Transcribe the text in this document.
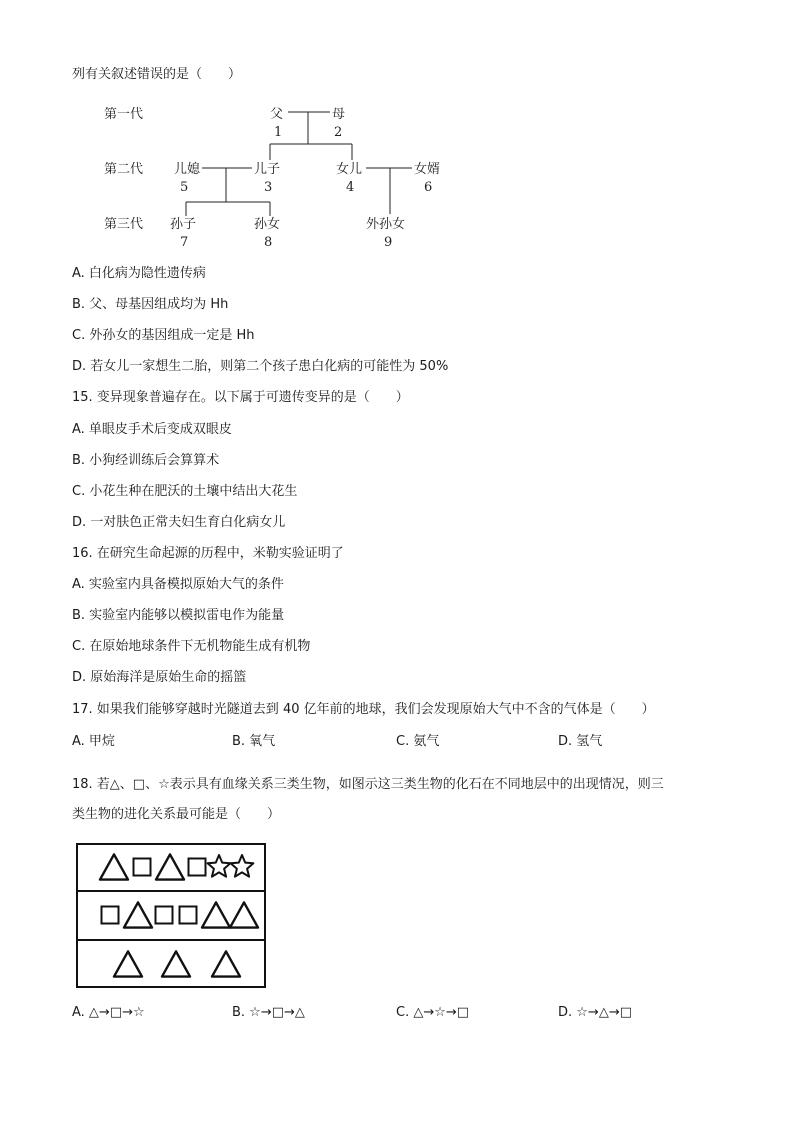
列有关叙述错误的是（　　）
第一代
第二代
第三代
父
1
母
2
儿媳
5
儿子
3
女儿
4
女婿
6
孙子
7
孙女
8
外孙女
9
A. 白化病为隐性遗传病
B. 父、母基因组成均为 Hh
C. 外孙女的基因组成一定是 Hh
D. 若女儿一家想生二胎，则第二个孩子患白化病的可能性为 50%
15. 变异现象普遍存在。以下属于可遗传变异的是（　　）
A. 单眼皮手术后变成双眼皮
B. 小狗经训练后会算算术
C. 小花生种在肥沃的土壤中结出大花生
D. 一对肤色正常夫妇生育白化病女儿
16. 在研究生命起源的历程中，米勒实验证明了
A. 实验室内具备模拟原始大气的条件
B. 实验室内能够以模拟雷电作为能量
C. 在原始地球条件下无机物能生成有机物
D. 原始海洋是原始生命的摇篮
17. 如果我们能够穿越时光隧道去到 40 亿年前的地球，我们会发现原始大气中不含的气体是（　　）
A. 甲烷	B. 氧气	C. 氨气	D. 氢气
18. 若△、□、☆表示具有血缘关系三类生物，如图示这三类生物的化石在不同地层中的出现情况，则三
类生物的进化关系最可能是（　　）
A. △→□→☆	B. ☆→□→△	C. △→☆→□	D. ☆→△→□
